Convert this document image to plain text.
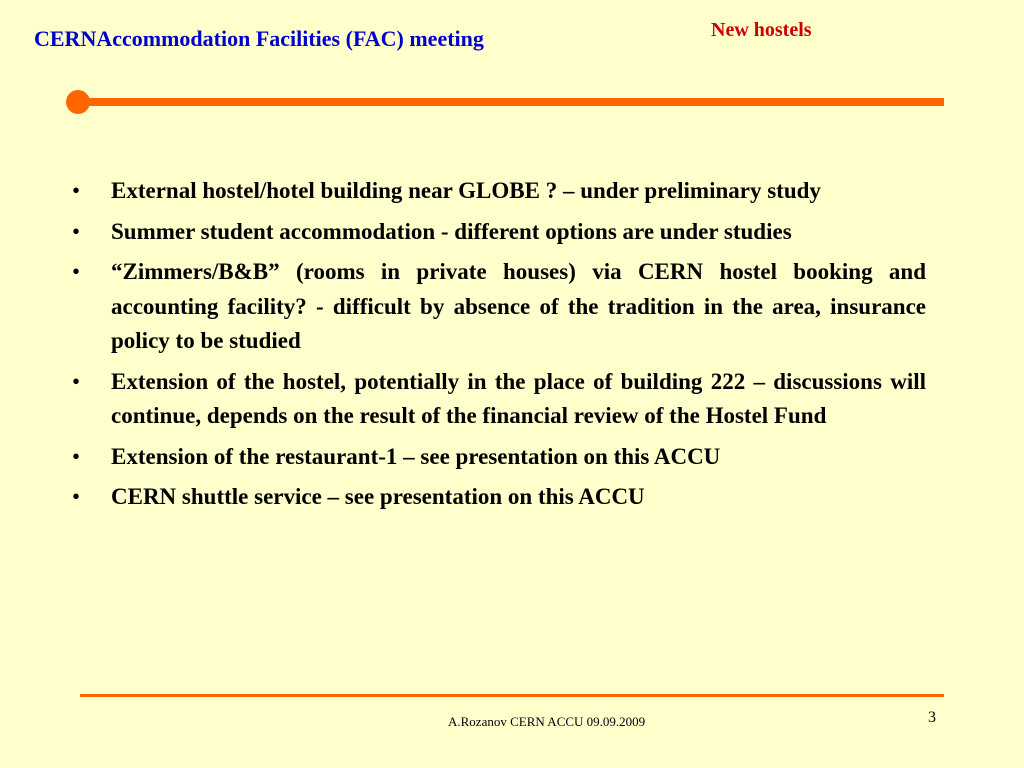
CERNAccommodation Facilities (FAC) meeting	New hostels
• External hostel/hotel building near GLOBE ? – under preliminary study
• Summer student accommodation - different options are under studies
• “Zimmers/B&B” (rooms in private houses) via CERN hostel booking and accounting facility? - difficult by absence of the tradition in the area, insurance policy to be studied
• Extension of the hostel, potentially in the place of building 222 – discussions will continue, depends on the result of the financial review of the Hostel Fund
• Extension of the restaurant-1 – see presentation on this ACCU
• CERN shuttle service – see presentation on this ACCU
A.Rozanov CERN ACCU 09.09.2009	3
